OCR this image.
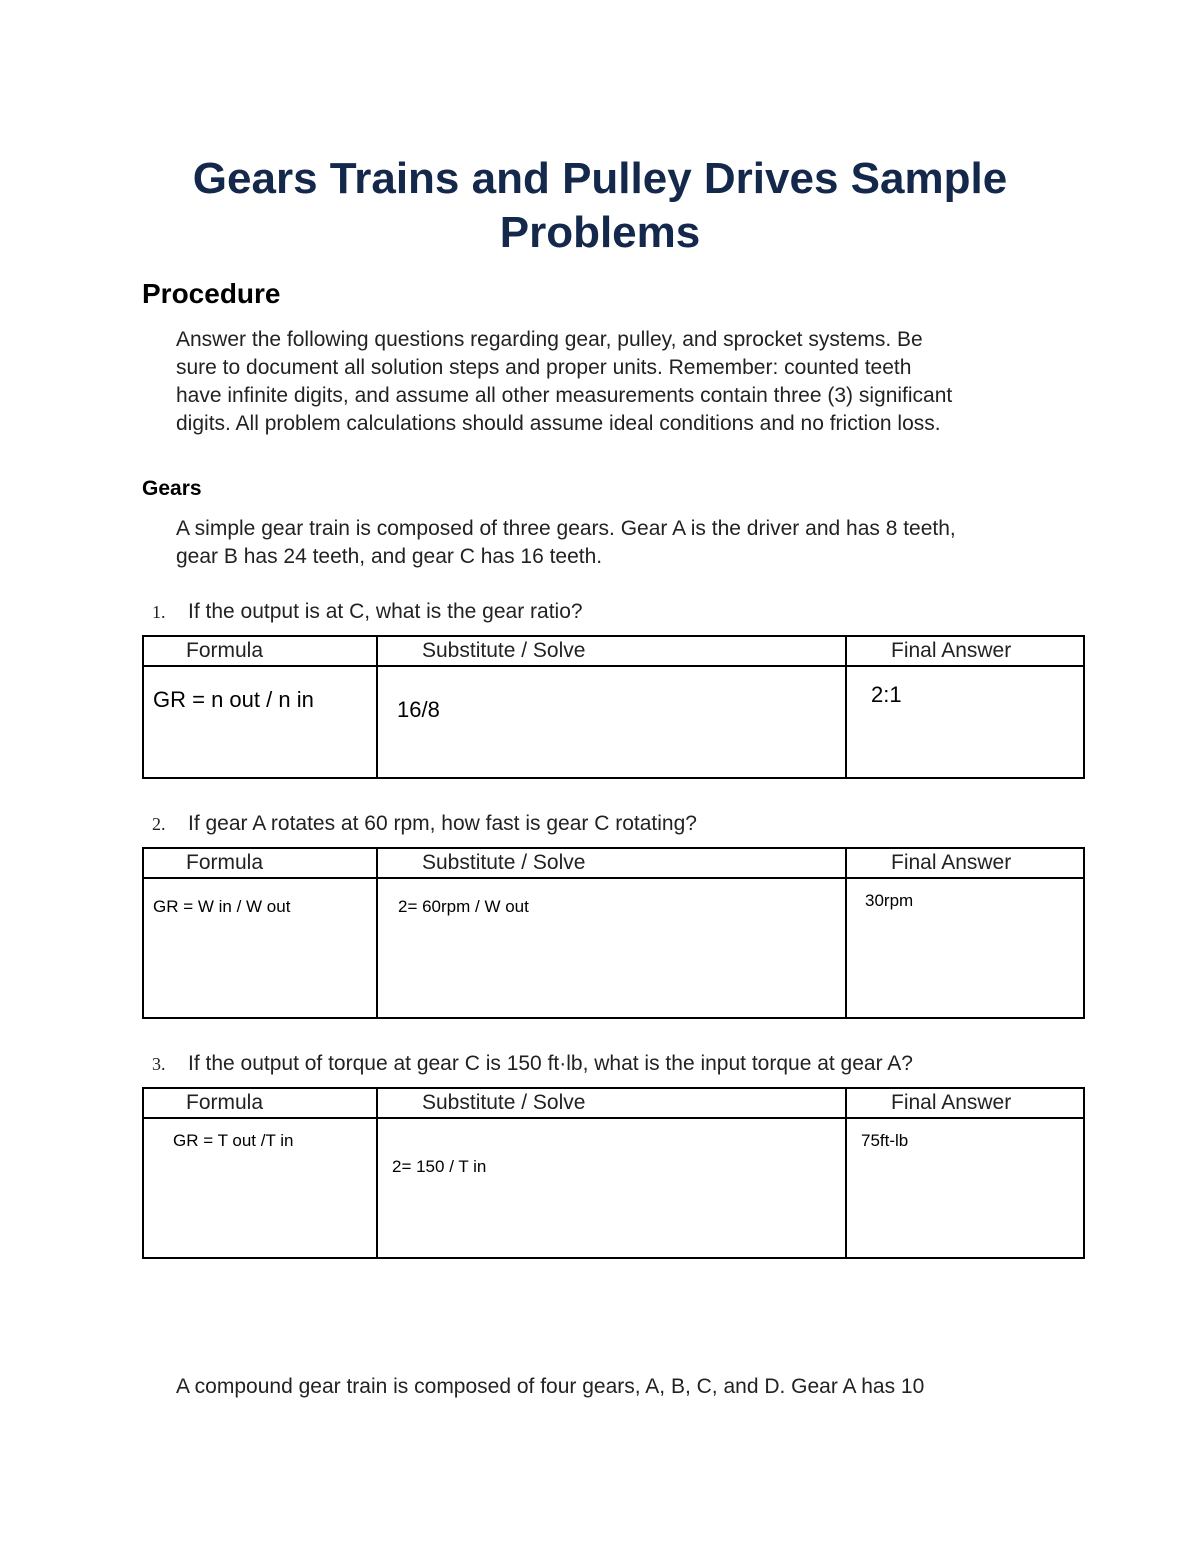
Gears Trains and Pulley Drives Sample
Problems
Procedure
Answer the following questions regarding gear, pulley, and sprocket systems. Be
sure to document all solution steps and proper units. Remember: counted teeth
have infinite digits, and assume all other measurements contain three (3) significant
digits. All problem calculations should assume ideal conditions and no friction loss.
Gears
A simple gear train is composed of three gears. Gear A is the driver and has 8 teeth,
gear B has 24 teeth, and gear C has 16 teeth.
1. If the output is at C, what is the gear ratio?
Formula	Substitute / Solve	Final Answer

GR = n out / n in	16/8	2:1
2. If gear A rotates at 60 rpm, how fast is gear C rotating?
Formula	Substitute / Solve	Final Answer

GR = W in / W out	2= 60rpm / W out	30rpm
3. If the output of torque at gear C is 150 ft·lb, what is the input torque at gear A?
Formula	Substitute / Solve	Final Answer

GR = T out /T in	2= 150 / T in	75ft-lb
A compound gear train is composed of four gears, A, B, C, and D. Gear A has 10
